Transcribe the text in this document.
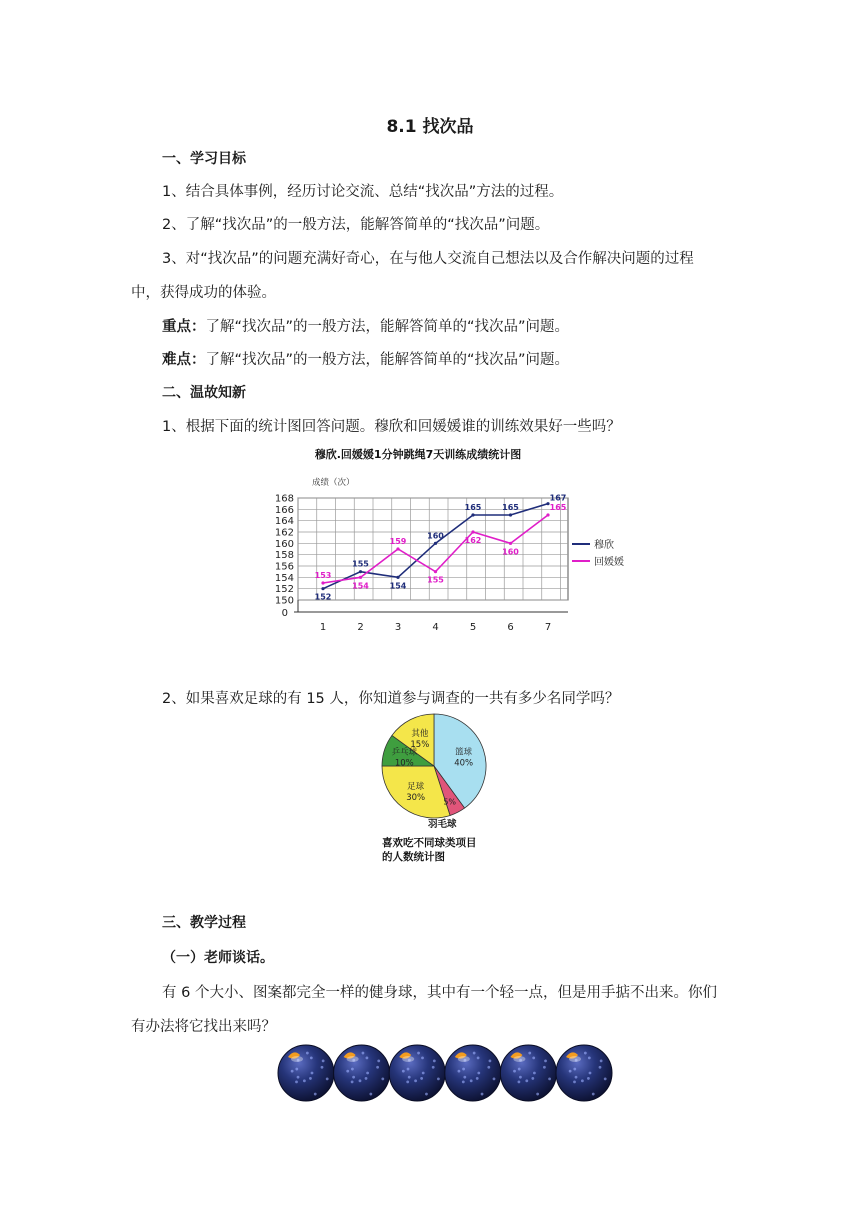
8.1 找次品
一、学习目标
1、结合具体事例，经历讨论交流、总结“找次品”方法的过程。
2、了解“找次品”的一般方法，能解答简单的“找次品”问题。
3、对“找次品”的问题充满好奇心，在与他人交流自己想法以及合作解决问题的过程
中，获得成功的体验。
重点：了解“找次品”的一般方法，能解答简单的“找次品”问题。
难点：了解“找次品”的一般方法，能解答简单的“找次品”问题。
二、温故知新
1、根据下面的统计图回答问题。穆欣和回媛媛谁的训练效果好一些吗？
穆欣.回媛媛1分钟跳绳7天训练成绩统计图
成绩（次）
168
166
164
162
160
158
156
154
152
150
0
1	2	3	4	5	6	7
152
155
154
160
165	165
167
153
154
159
155
162
160
165
穆欣
回媛媛
2、如果喜欢足球的有 15 人，你知道参与调查的一共有多少名同学吗？
篮球
40%
5%
羽毛球
足球
30%
乒乓球
10%
其他
15%
喜欢吃不同球类项目
的人数统计图
三、教学过程
（一）老师谈话。
有 6 个大小、图案都完全一样的健身球，其中有一个轻一点，但是用手掂不出来。你们
有办法将它找出来吗？
